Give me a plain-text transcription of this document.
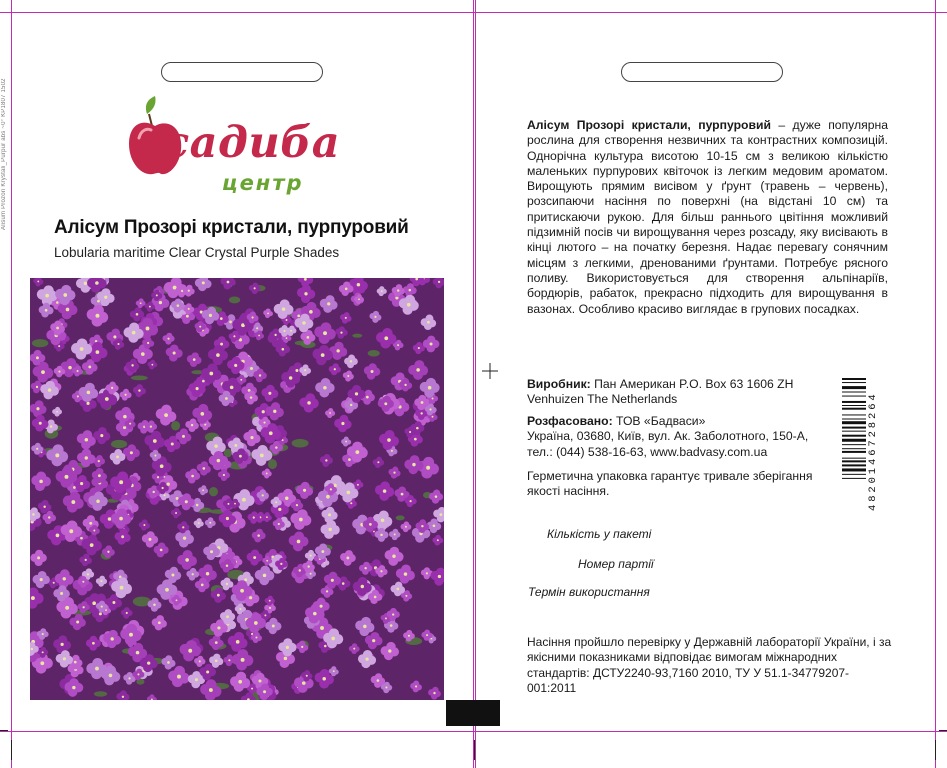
Alisum Prozori Krystali_Purpur abs ~0° KP1807 1502	садиба
центр
Алісум Прозорі кристали, пурпуровий
Lobularia maritime Clear Crystal Purple Shades
Алісум Прозорі кристали, пурпуровий – дуже популярна рослина для створення незвичних та контрастних композицій. Однорічна культура висотою 10-15 см з великою кількістю маленьких пурпурових квіточок із легким медовим ароматом. Вирощують прямим висівом у ґрунт (травень – червень), розсипаючи насіння по поверхні (на відстані 10 см) та притискаючи рукою. Для більш раннього цвітіння можливий підзимній посів чи вирощування через розсаду, яку висівають в кінці лютого – на початку березня. Надає перевагу сонячним місцям з легкими, дренованими ґрунтами. Потребує рясного поливу. Використовується для створення альпінаріїв, бордюрів, рабаток, прекрасно підходить для вирощування в вазонах. Особливо красиво виглядає в групових посадках.
Виробник: Пан Американ P.O. Box 63 1606 ZH Venhuizen The Netherlands
Розфасовано: ТОВ «Бадваси»
Україна, 03680, Київ, вул. Ак. Заболотного, 150-А,
тел.: (044) 538-16-63, www.badvasy.com.ua
Герметична упаковка гарантує тривале зберігання якості насіння.	4820146728264
Кількість у пакеті
Номер партії
Термін використання
Насіння пройшло перевірку у Державній лабораторії України, і за якісними показниками відповідає вимогам міжнародних стандартів: ДСТУ2240-93,7160 2010, ТУ У 51.1-34779207-001:2011
